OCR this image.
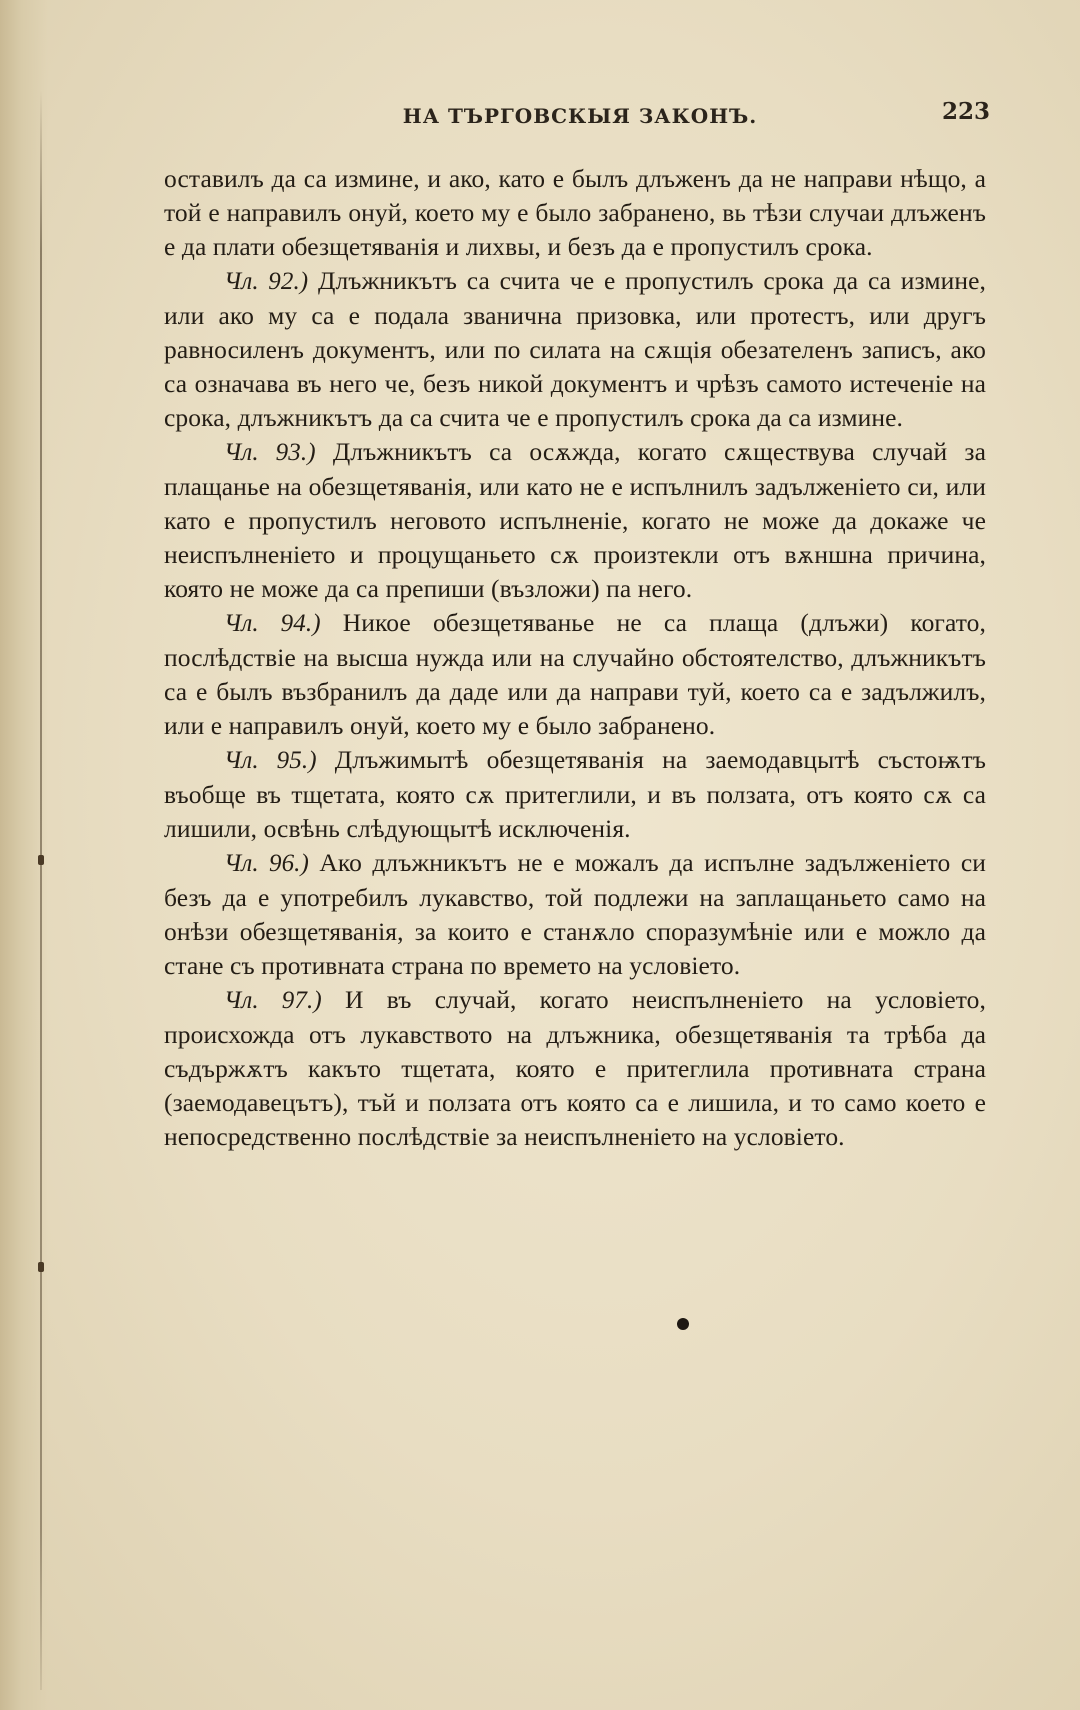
НА ТЪРГОВСКЫЯ ЗАКОНЪ.	223

оставилъ да са измине, и ако, като е былъ длъженъ да не направи нѣщо, а той е направилъ онуй, което му е было забранено, вь тѣзи случаи длъженъ е да плати обезщетяванія и лихвы, и безъ да е пропустилъ срока.

Чл. 92.) Длъжникътъ са счита че е пропустилъ срока да са измине, или ако му са е подала званична призовка, или протестъ, или другъ равносиленъ документъ, или по силата на сѫщія обезателенъ записъ, ако са означава въ него че, безъ никой документъ и чрѣзъ самото истеченіе на срока, длъжникътъ да са счита че е пропустилъ срока да са измине.

Чл. 93.) Длъжникътъ са осѫжда, когато сѫществува случай за плащанье на обезщетяванія, или като не е испълнилъ задълженіето си, или като е пропустилъ неговото испълненіе, когато не може да докаже че неиспълненіето и процущаньето сѫ произтекли отъ вѫншна причина, която не може да са препиши (възложи) па него.

Чл. 94.) Никое обезщетяванье не са плаща (длъжи) когато, послѣдствіе на высша нужда или на случайно обстоятелство, длъжникътъ са е былъ възбранилъ да даде или да направи туй, което са е задължилъ, или е направилъ онуй, което му е было забранено.

Чл. 95.) Длъжимытѣ обезщетяванія на заемодавцытѣ състоѭтъ въобще въ тщетата, която сѫ притеглили, и въ ползата, отъ която сѫ са лишили, освѣнь слѣдующытѣ исключенія.

Чл. 96.) Ако длъжникътъ не е можалъ да испълне задълженіето си безъ да е употребилъ лукавство, той подлежи на заплащаньето само на онѣзи обезщетяванія, за които е станѫло споразумѣніе или е можло да стане съ противната страна по времето на условіето.

Чл. 97.) И въ случай, когато неиспълненіето на условіето, происхожда отъ лукавството на длъжника, обезщетяванія та трѣба да съдържѫтъ какъто тщетата, която е притеглила противната страна (заемодавецътъ), тъй и ползата отъ която са е лишила, и то само което е непосредственно послѣдствіе за неиспълненіето на условіето.
